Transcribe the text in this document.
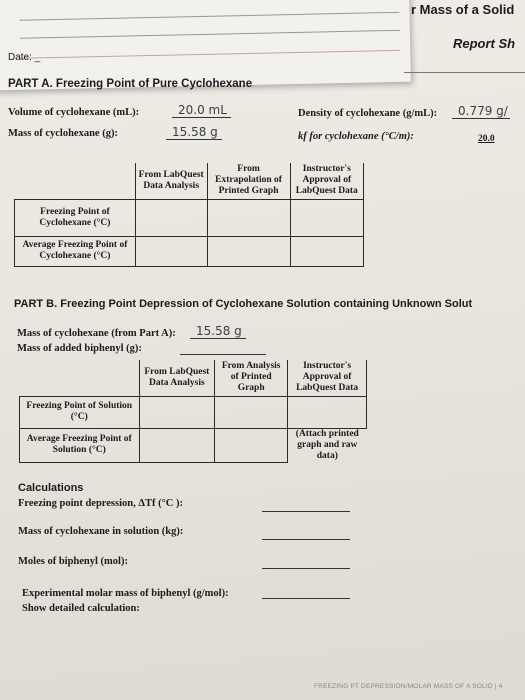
r Mass of a Solid
Report Sh
Date: _
PART A. Freezing Point of Pure Cyclohexane
Volume of cyclohexane (mL):	20.0 mL
Mass of cyclohexane (g):	15.58 g
Density of cyclohexane (g/mL):	0.779 g/
kf for cyclohexane (°C/m):	20.0
	From LabQuest Data Analysis	From Extrapolation of Printed Graph	Instructor's Approval of LabQuest Data
Freezing Point of Cyclohexane (°C)			
Average Freezing Point of Cyclohexane (°C)			
PART B. Freezing Point Depression of Cyclohexane Solution containing Unknown Solut
Mass of cyclohexane (from Part A):	15.58 g
Mass of added biphenyl (g):
	From LabQuest Data Analysis	From Analysis of Printed Graph	Instructor's Approval of LabQuest Data
Freezing Point of Solution (°C)			
Average Freezing Point of Solution (°C)			(Attach printed graph and raw data)
Calculations
Freezing point depression, ΔTf (°C ):
Mass of cyclohexane in solution (kg):
Moles of biphenyl (mol):
Experimental molar mass of biphenyl (g/mol):
Show detailed calculation:
FREEZING PT DEPRESSION/MOLAR MASS OF A SOLID | 4
